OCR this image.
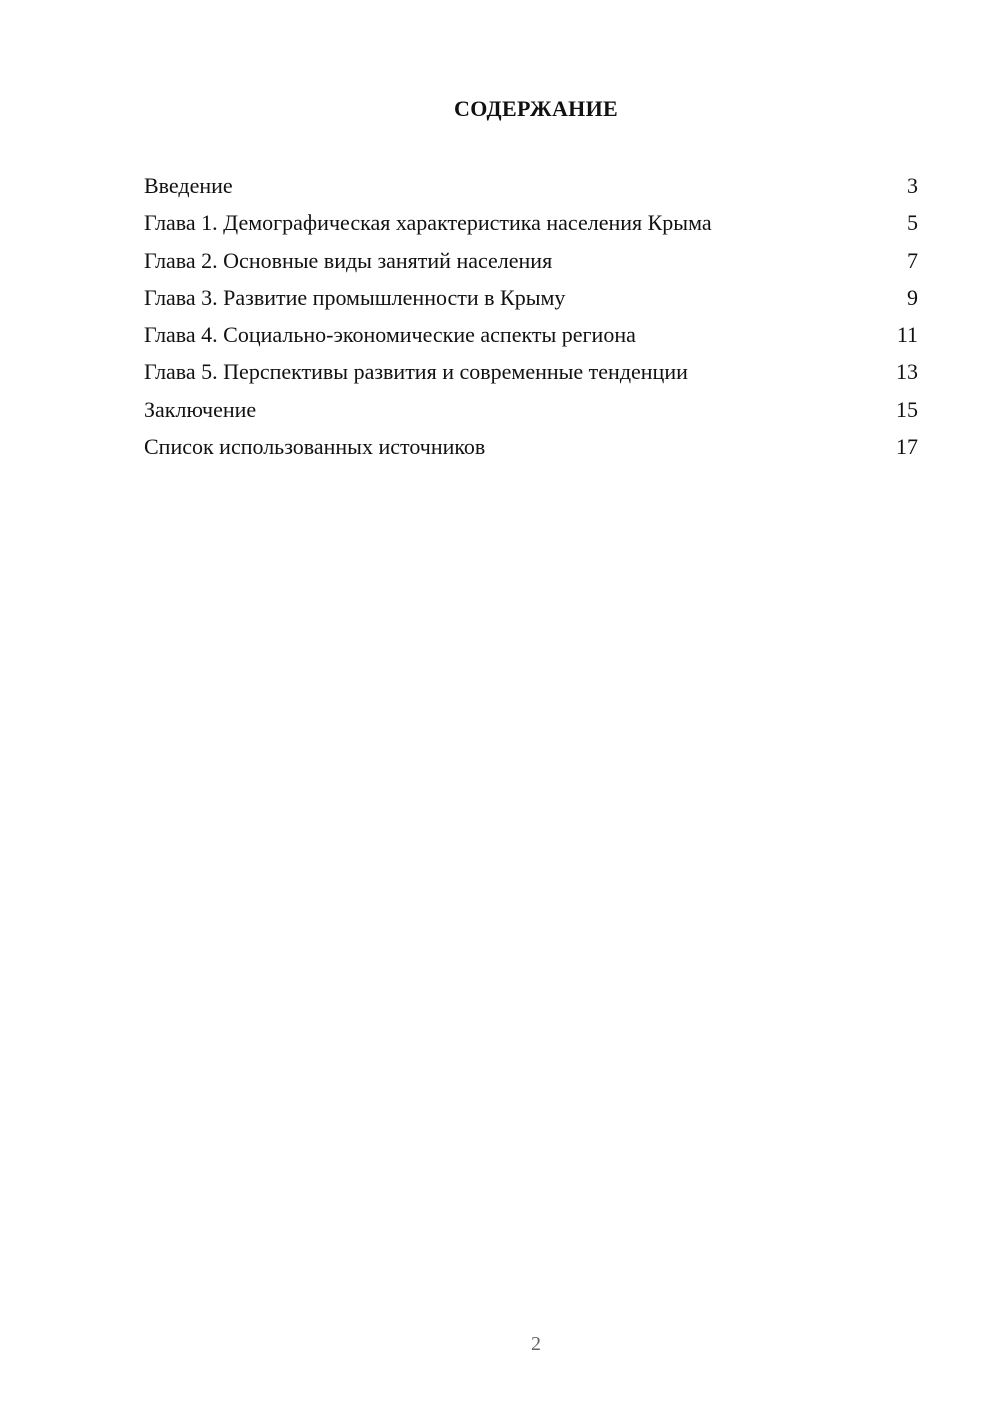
СОДЕРЖАНИЕ
Введение	3
Глава 1. Демографическая характеристика населения Крыма	5
Глава 2. Основные виды занятий населения	7
Глава 3. Развитие промышленности в Крыму	9
Глава 4. Социально-экономические аспекты региона	11
Глава 5. Перспективы развития и современные тенденции	13
Заключение	15
Список использованных источников	17
2
